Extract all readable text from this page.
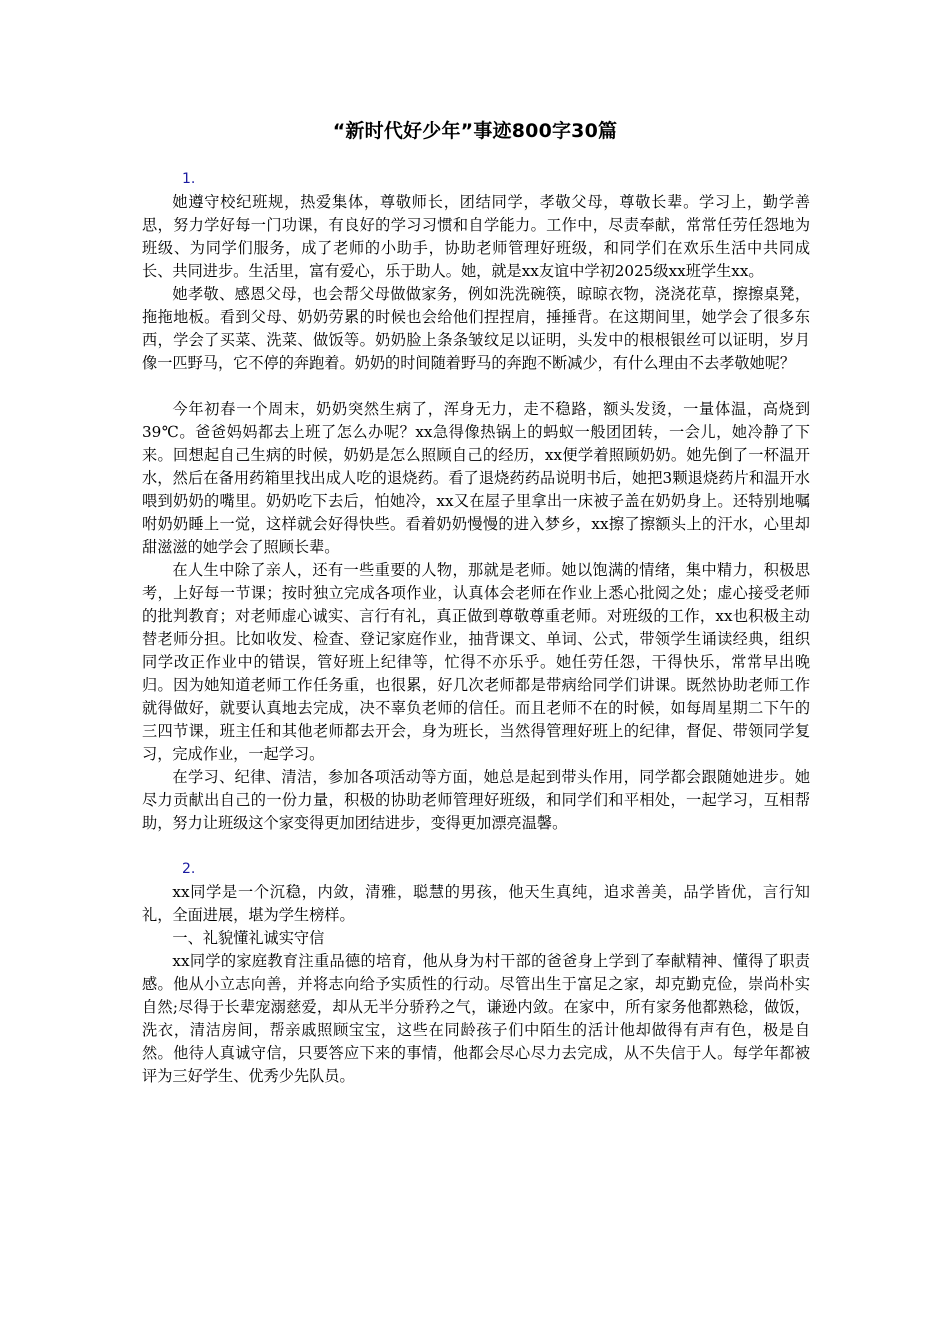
“新时代好少年”事迹800字30篇

1.

她遵守校纪班规，热爱集体，尊敬师长，团结同学，孝敬父母，尊敬长辈。学习上，勤学善思，努力学好每一门功课，有良好的学习习惯和自学能力。工作中，尽责奉献，常常任劳任怨地为班级、为同学们服务，成了老师的小助手，协助老师管理好班级，和同学们在欢乐生活中共同成长、共同进步。生活里，富有爱心，乐于助人。她，就是xx友谊中学初2025级xx班学生xx。

她孝敬、感恩父母，也会帮父母做做家务，例如洗洗碗筷，晾晾衣物，浇浇花草，擦擦桌凳，拖拖地板。看到父母、奶奶劳累的时候也会给他们捏捏肩，捶捶背。在这期间里，她学会了很多东西，学会了买菜、洗菜、做饭等。奶奶脸上条条皱纹足以证明，头发中的根根银丝可以证明，岁月像一匹野马，它不停的奔跑着。奶奶的时间随着野马的奔跑不断减少，有什么理由不去孝敬她呢？

今年初春一个周末，奶奶突然生病了，浑身无力，走不稳路，额头发烫，一量体温，高烧到39℃。爸爸妈妈都去上班了怎么办呢？xx急得像热锅上的蚂蚁一般团团转，一会儿，她冷静了下来。回想起自己生病的时候，奶奶是怎么照顾自己的经历，xx便学着照顾奶奶。她先倒了一杯温开水，然后在备用药箱里找出成人吃的退烧药。看了退烧药药品说明书后，她把3颗退烧药片和温开水喂到奶奶的嘴里。奶奶吃下去后，怕她冷，xx又在屋子里拿出一床被子盖在奶奶身上。还特别地嘱咐奶奶睡上一觉，这样就会好得快些。看着奶奶慢慢的进入梦乡，xx擦了擦额头上的汗水，心里却甜滋滋的她学会了照顾长辈。

在人生中除了亲人，还有一些重要的人物，那就是老师。她以饱满的情绪，集中精力，积极思考，上好每一节课；按时独立完成各项作业，认真体会老师在作业上悉心批阅之处；虚心接受老师的批判教育；对老师虚心诚实、言行有礼，真正做到尊敬尊重老师。对班级的工作，xx也积极主动替老师分担。比如收发、检查、登记家庭作业，抽背课文、单词、公式，带领学生诵读经典，组织同学改正作业中的错误，管好班上纪律等，忙得不亦乐乎。她任劳任怨，干得快乐，常常早出晚归。因为她知道老师工作任务重，也很累，好几次老师都是带病给同学们讲课。既然协助老师工作就得做好，就要认真地去完成，决不辜负老师的信任。而且老师不在的时候，如每周星期二下午的三四节课，班主任和其他老师都去开会，身为班长，当然得管理好班上的纪律，督促、带领同学复习，完成作业，一起学习。

在学习、纪律、清洁，参加各项活动等方面，她总是起到带头作用，同学都会跟随她进步。她尽力贡献出自己的一份力量，积极的协助老师管理好班级，和同学们和平相处，一起学习，互相帮助，努力让班级这个家变得更加团结进步，变得更加漂亮温馨。

2.

xx同学是一个沉稳，内敛，清雅，聪慧的男孩，他天生真纯，追求善美，品学皆优，言行知礼，全面进展，堪为学生榜样。

一、礼貌懂礼诚实守信

xx同学的家庭教育注重品德的培育，他从身为村干部的爸爸身上学到了奉献精神、懂得了职责感。他从小立志向善，并将志向给予实质性的行动。尽管出生于富足之家，却克勤克俭，崇尚朴实自然;尽得于长辈宠溺慈爱，却从无半分骄矜之气，谦逊内敛。在家中，所有家务他都熟稔，做饭，洗衣，清洁房间，帮亲戚照顾宝宝，这些在同龄孩子们中陌生的活计他却做得有声有色，极是自然。他待人真诚守信，只要答应下来的事情，他都会尽心尽力去完成，从不失信于人。每学年都被评为三好学生、优秀少先队员。
